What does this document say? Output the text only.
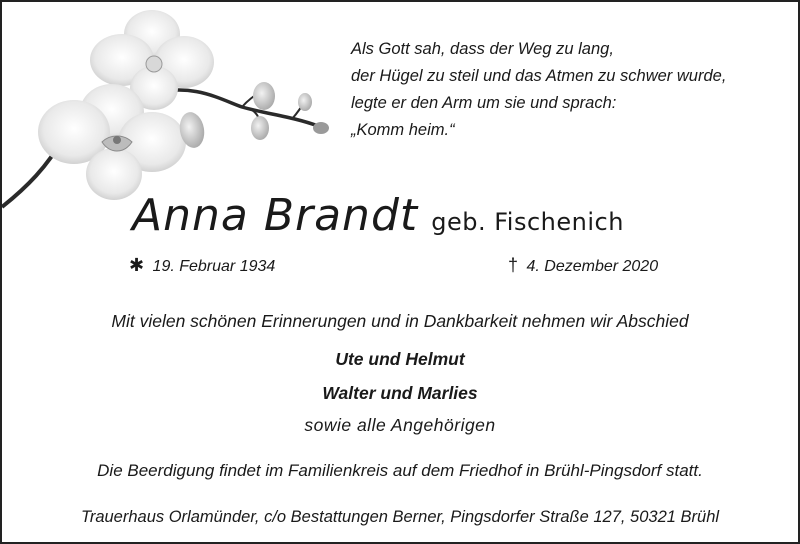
Als Gott sah, dass der Weg zu lang,
der Hügel zu steil und das Atmen zu schwer wurde,
legte er den Arm um sie und sprach:
„Komm heim.“
Anna Brandt geb. Fischenich
✱ 19. Februar 1934	† 4. Dezember 2020
Mit vielen schönen Erinnerungen und in Dankbarkeit nehmen wir Abschied
Ute und Helmut
Walter und Marlies
sowie alle Angehörigen
Die Beerdigung findet im Familienkreis auf dem Friedhof in Brühl-Pingsdorf statt.
Trauerhaus Orlamünder, c/o Bestattungen Berner, Pingsdorfer Straße 127, 50321 Brühl
